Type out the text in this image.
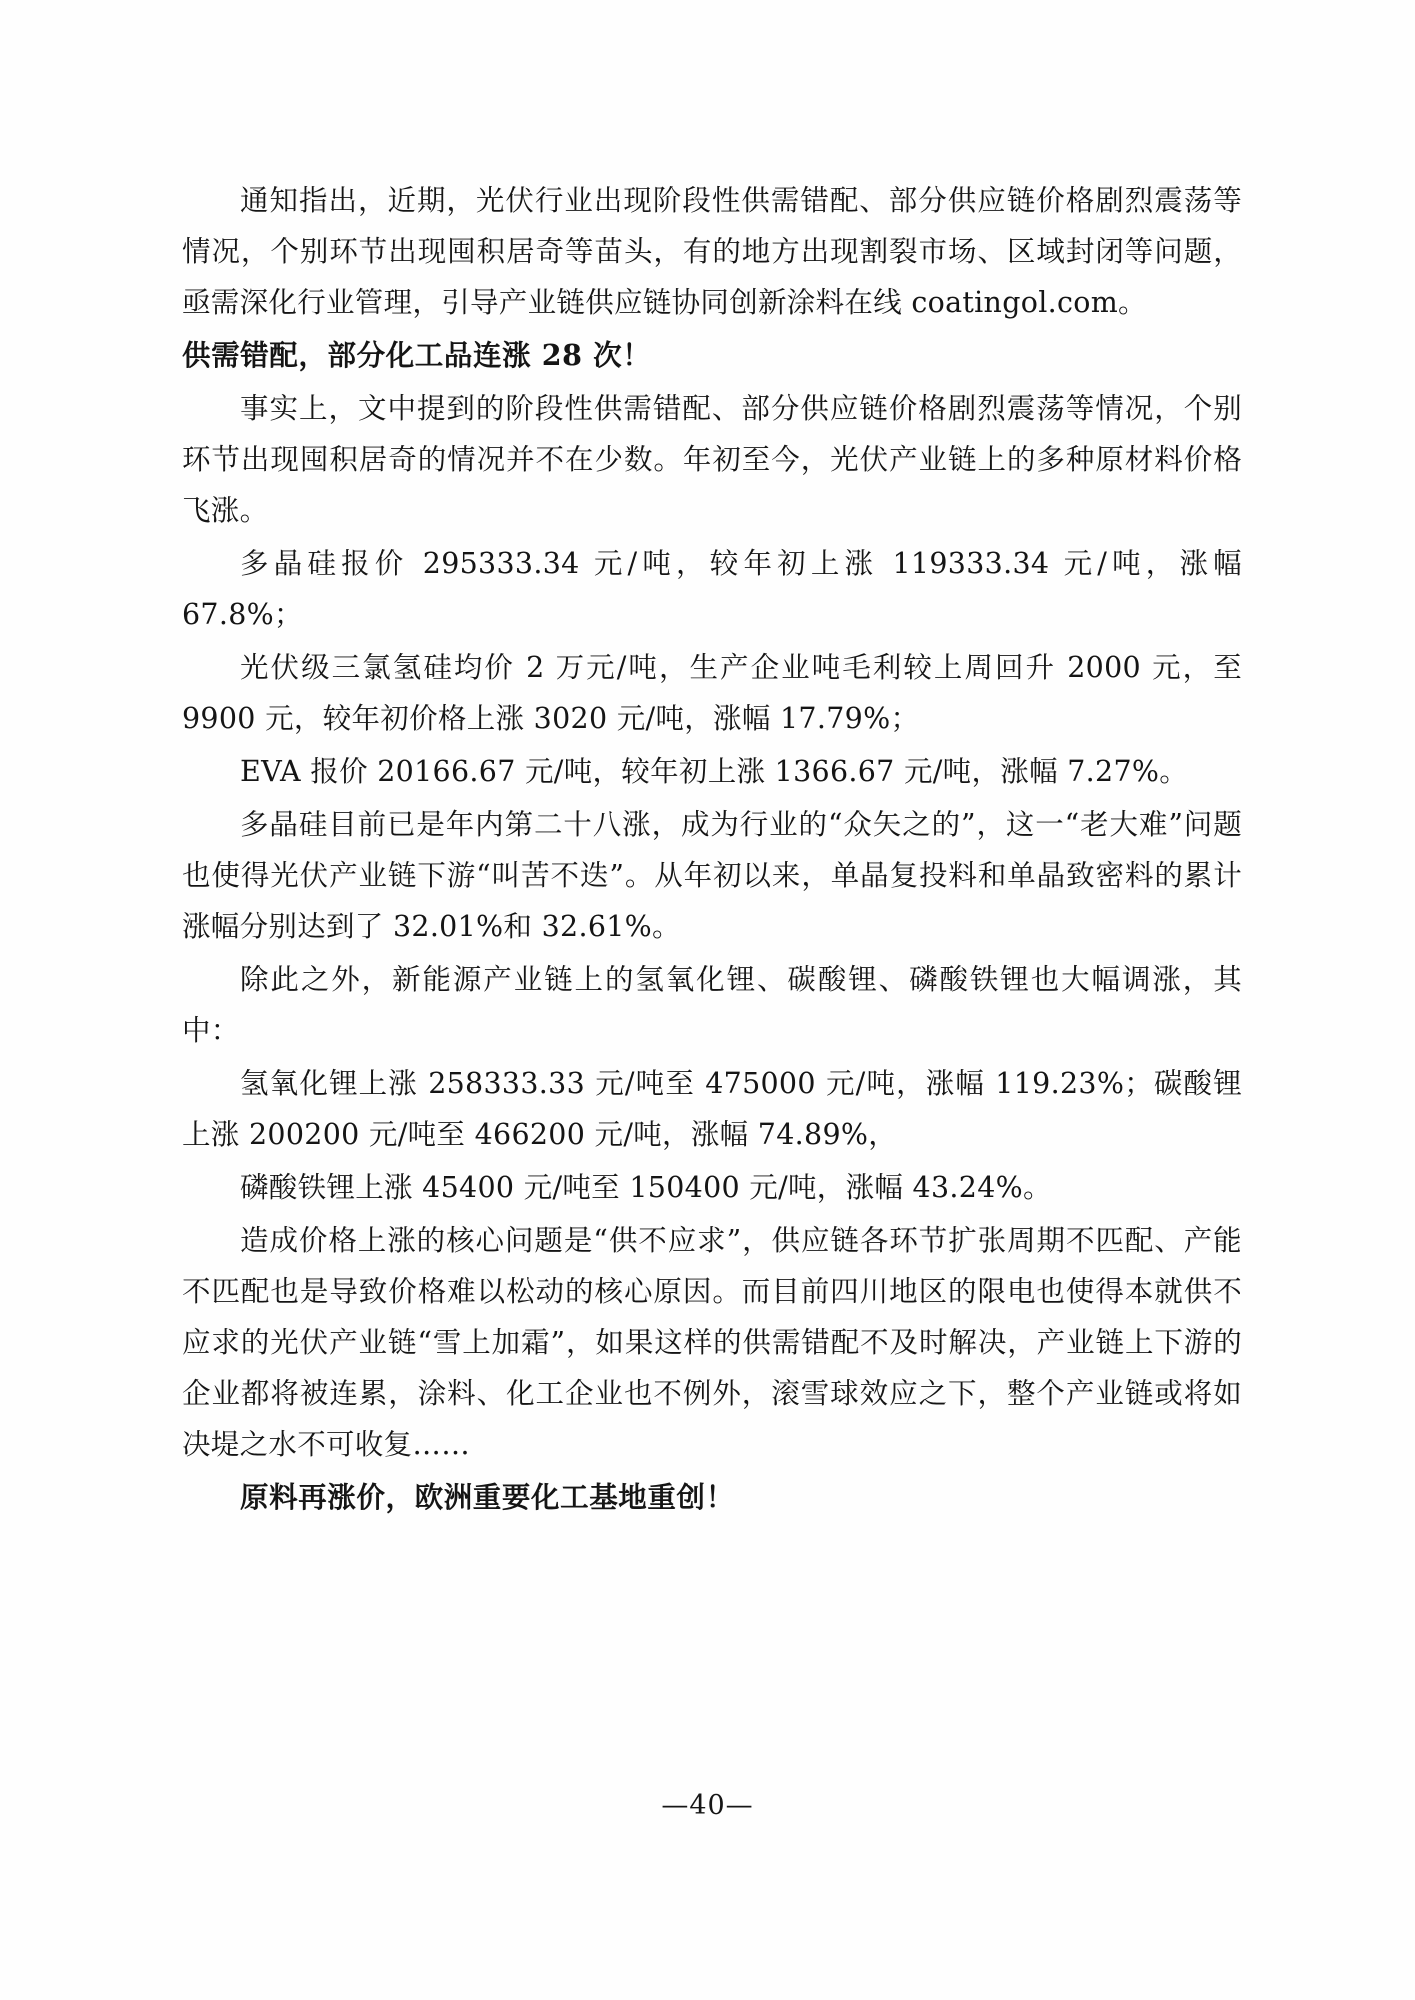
通知指出，近期，光伏行业出现阶段性供需错配、部分供应链价格剧烈震荡等情况，个别环节出现囤积居奇等苗头，有的地方出现割裂市场、区域封闭等问题，亟需深化行业管理，引导产业链供应链协同创新涂料在线 coatingol.com。

供需错配，部分化工品连涨 28 次！

事实上，文中提到的阶段性供需错配、部分供应链价格剧烈震荡等情况，个别环节出现囤积居奇的情况并不在少数。年初至今，光伏产业链上的多种原材料价格飞涨。

多晶硅报价 295333.34 元/吨，较年初上涨 119333.34 元/吨，涨幅 67.8%；

光伏级三氯氢硅均价 2 万元/吨，生产企业吨毛利较上周回升 2000 元，至 9900 元，较年初价格上涨 3020 元/吨，涨幅 17.79%；

EVA 报价 20166.67 元/吨，较年初上涨 1366.67 元/吨，涨幅 7.27%。

多晶硅目前已是年内第二十八涨，成为行业的“众矢之的”，这一“老大难”问题也使得光伏产业链下游“叫苦不迭”。从年初以来，单晶复投料和单晶致密料的累计涨幅分别达到了 32.01%和 32.61%。

除此之外，新能源产业链上的氢氧化锂、碳酸锂、磷酸铁锂也大幅调涨，其中：

氢氧化锂上涨 258333.33 元/吨至 475000 元/吨，涨幅 119.23%；碳酸锂上涨 200200 元/吨至 466200 元/吨，涨幅 74.89%，

磷酸铁锂上涨 45400 元/吨至 150400 元/吨，涨幅 43.24%。

造成价格上涨的核心问题是“供不应求”，供应链各环节扩张周期不匹配、产能不匹配也是导致价格难以松动的核心原因。而目前四川地区的限电也使得本就供不应求的光伏产业链“雪上加霜”，如果这样的供需错配不及时解决，产业链上下游的企业都将被连累，涂料、化工企业也不例外，滚雪球效应之下，整个产业链或将如决堤之水不可收复……

原料再涨价，欧洲重要化工基地重创！

—40—
